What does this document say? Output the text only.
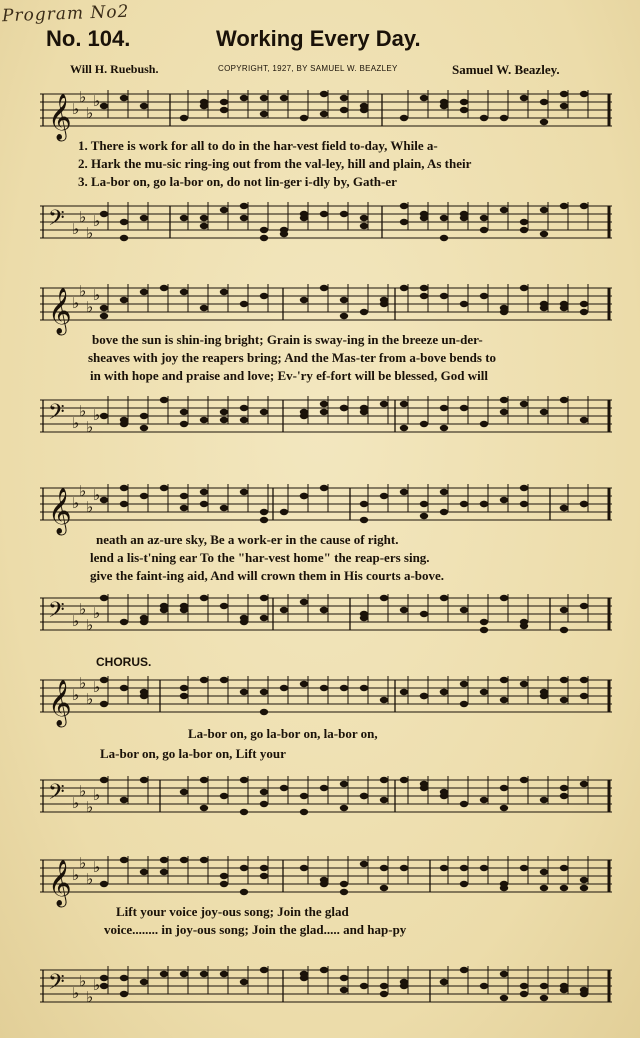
Program No2
No. 104.	Working Every Day.
Will H. Ruebush.	COPYRIGHT, 1927, BY SAMUEL W. BEAZLEY	Samuel W. Beazley.
𝄞 ♭
♭
♭
♭

1. There is work for all to do in the har-vest field to-day, While a-

2. Hark the mu-sic ring-ing out from the val-ley, hill and plain, As their

3. La-bor on, go la-bor on, do not lin-ger i-dly by, Gath-er
𝄢 ♭
♭
♭
♭
𝄞 ♭
♭
♭
♭

bove the sun is shin-ing bright; Grain is sway-ing in the breeze un-der-

sheaves with joy the reapers bring; And the Mas-ter from a-bove bends to

in with hope and praise and love; Ev-'ry ef-fort will be blessed, God will
𝄢 ♭
♭
♭
♭
𝄞 ♭
♭
♭
♭

neath an az-ure sky, Be a work-er in the cause of right.

lend a lis-t'ning ear To the "har-vest home" the reap-ers sing.

give the faint-ing aid, And will crown them in His courts a-bove.
𝄢 ♭
♭
♭
♭
CHORUS.
𝄞 ♭
♭
♭
♭

La-bor on, go la-bor on, la-bor on,

La-bor on, go la-bor on, Lift your
𝄢 ♭
♭
♭
♭
𝄞 ♭
♭
♭
♭

Lift your voice joy-ous song; Join the glad

voice........ in joy-ous song; Join the glad..... and hap-py
𝄢 ♭
♭
♭
♭
